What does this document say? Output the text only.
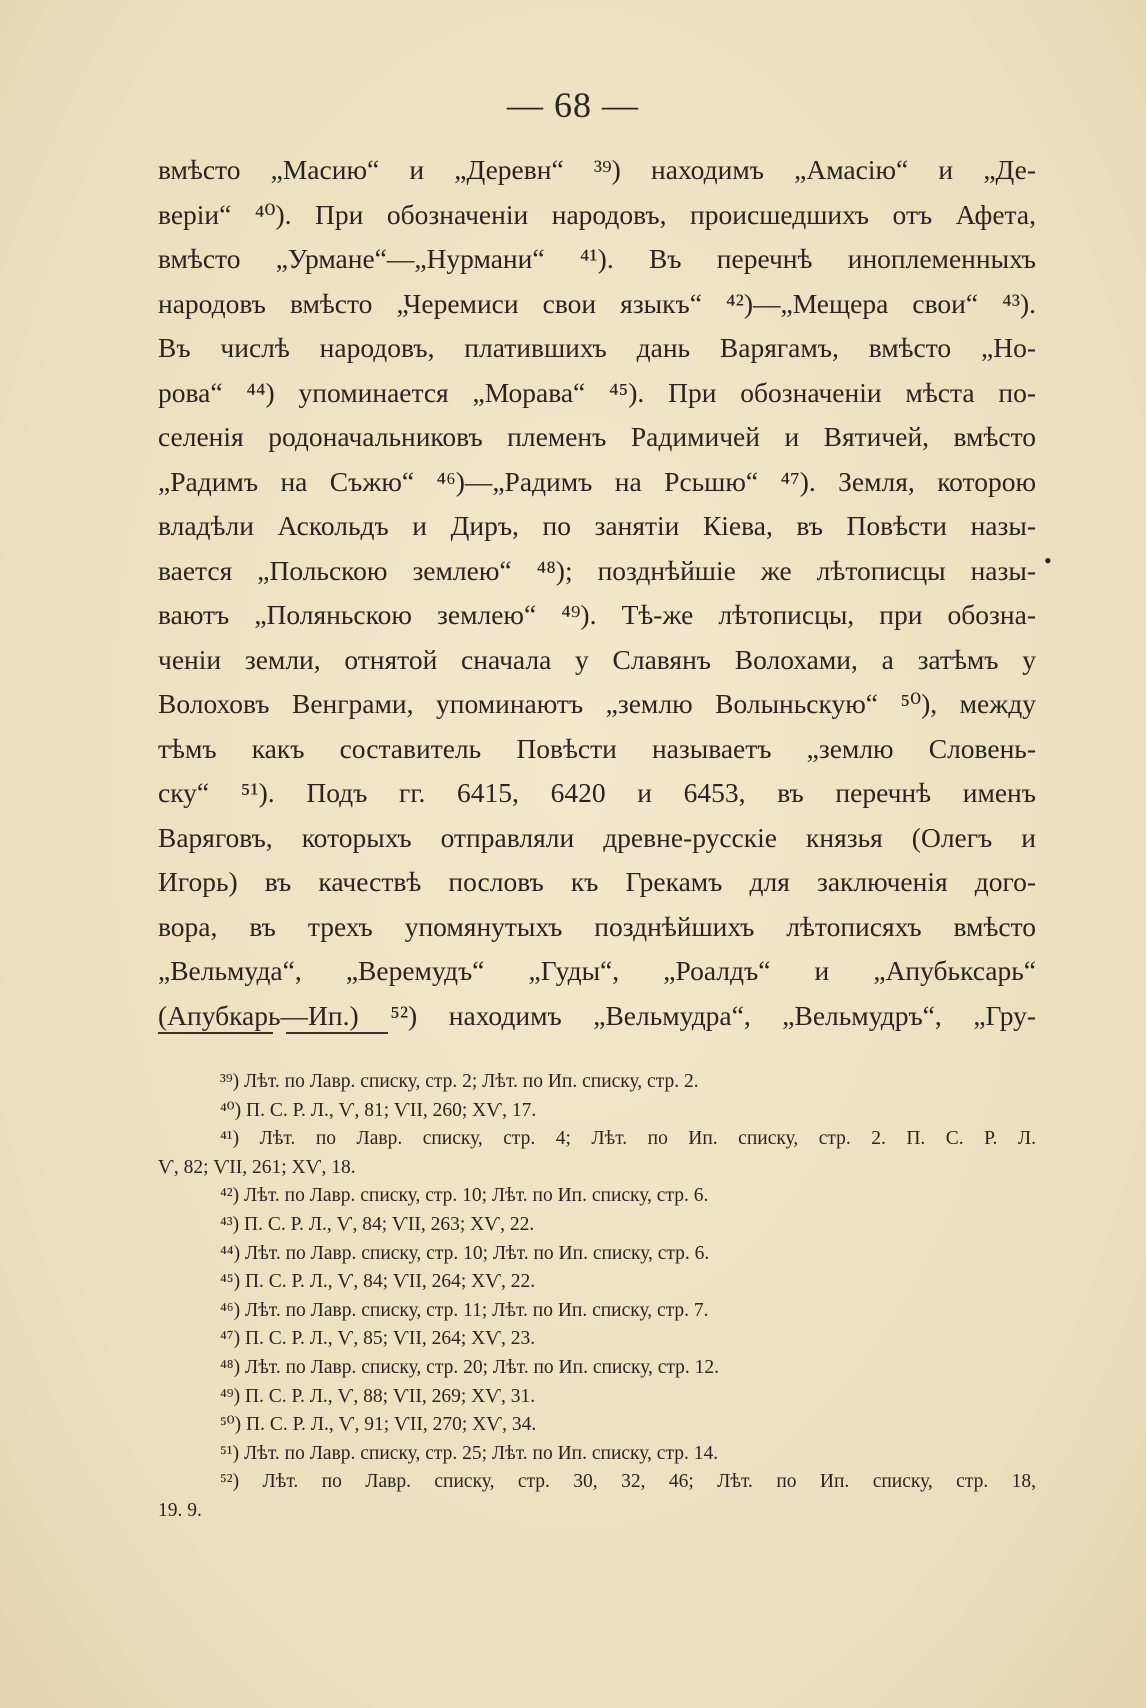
— 68 —
•
вмѣсто „Масию“ и „Деревн“ ³⁹) находимъ „Амасію“ и „Де-
веріи“ ⁴⁰). При обозначеніи народовъ, происшедшихъ отъ Афета,
вмѣсто „Урмане“—„Нурмани“ ⁴¹). Въ перечнѣ иноплеменныхъ
народовъ вмѣсто „Черемиси свои языкъ“ ⁴²)—„Мещера свои“ ⁴³).
Въ числѣ народовъ, платившихъ дань Варягамъ, вмѣсто „Но-
рова“ ⁴⁴) упоминается „Морава“ ⁴⁵). При обозначеніи мѣста по-
селенія родоначальниковъ племенъ Радимичей и Вятичей, вмѣсто
„Радимъ на Съжю“ ⁴⁶)—„Радимъ на Рсьшю“ ⁴⁷). Земля, которою
владѣли Аскольдъ и Диръ, по занятіи Кіева, въ Повѣсти назы-
вается „Польскою землею“ ⁴⁸); позднѣйшіе же лѣтописцы назы-
ваютъ „Поляньскою землею“ ⁴⁹). Тѣ-же лѣтописцы, при обозна-
ченіи земли, отнятой сначала у Славянъ Волохами, а затѣмъ у
Волоховъ Венграми, упоминаютъ „землю Волыньскую“ ⁵⁰), между
тѣмъ какъ составитель Повѣсти называетъ „землю Словень-
ску“ ⁵¹). Подъ гг. 6415, 6420 и 6453, въ перечнѣ именъ
Варяговъ, которыхъ отправляли древне-русскіе князья (Олегъ и
Игорь) въ качествѣ пословъ къ Грекамъ для заключенія дого-
вора, въ трехъ упомянутыхъ позднѣйшихъ лѣтописяхъ вмѣсто
„Вельмуда“, „Веремудъ“ „Гуды“, „Роалдъ“ и „Апубьксарь“
(Апубкарь—Ип.) ⁵²) находимъ „Вельмудра“, „Вельмудръ“, „Гру-
³⁹) Лѣт. по Лавр. списку, стр. 2; Лѣт. по Ип. списку, стр. 2.
⁴⁰) П. С. Р. Л., Ѵ, 81; ѴII, 260; ХѴ, 17.
⁴¹) Лѣт. по Лавр. списку, стр. 4; Лѣт. по Ип. списку, стр. 2. П. С. Р. Л.
Ѵ, 82; ѴII, 261; ХѴ, 18.
⁴²) Лѣт. по Лавр. списку, стр. 10; Лѣт. по Ип. списку, стр. 6.
⁴³) П. С. Р. Л., Ѵ, 84; ѴII, 263; ХѴ, 22.
⁴⁴) Лѣт. по Лавр. списку, стр. 10; Лѣт. по Ип. списку, стр. 6.
⁴⁵) П. С. Р. Л., Ѵ, 84; ѴII, 264; ХѴ, 22.
⁴⁶) Лѣт. по Лавр. списку, стр. 11; Лѣт. по Ип. списку, стр. 7.
⁴⁷) П. С. Р. Л., Ѵ, 85; ѴII, 264; ХѴ, 23.
⁴⁸) Лѣт. по Лавр. списку, стр. 20; Лѣт. по Ип. списку, стр. 12.
⁴⁹) П. С. Р. Л., Ѵ, 88; ѴII, 269; ХѴ, 31.
⁵⁰) П. С. Р. Л., Ѵ, 91; ѴII, 270; ХѴ, 34.
⁵¹) Лѣт. по Лавр. списку, стр. 25; Лѣт. по Ип. списку, стр. 14.
⁵²) Лѣт. по Лавр. списку, стр. 30, 32, 46; Лѣт. по Ип. списку, стр. 18,
19. 9.
